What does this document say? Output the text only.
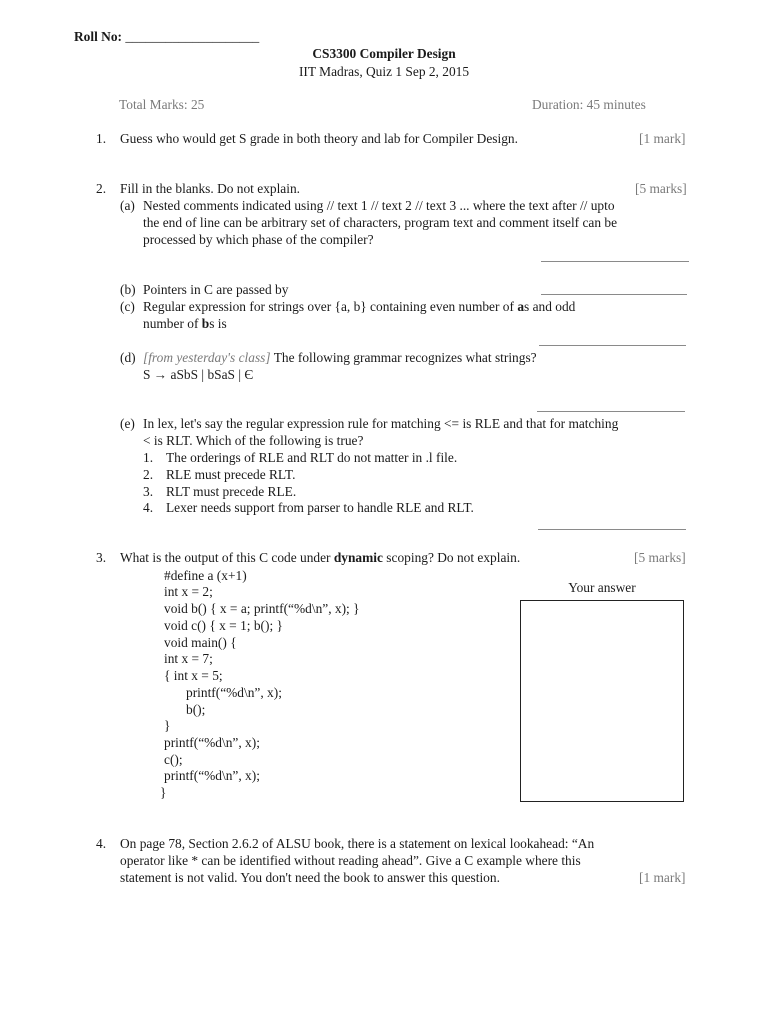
Roll No: ____________________
CS3300 Compiler Design
IIT Madras, Quiz 1 Sep 2, 2015
Total Marks: 25	Duration: 45 minutes
1. Guess who would get S grade in both theory and lab for Compiler Design.	[1 mark]
2. Fill in the blanks. Do not explain.	[5 marks]
(a) Nested comments indicated using // text 1 // text 2 // text 3 ... where the text after // upto
the end of line can be arbitrary set of characters, program text and comment itself can be
processed by which phase of the compiler?
(b) Pointers in C are passed by
(c) Regular expression for strings over {a, b} containing even number of as and odd
number of bs is
(d) [from yesterday's class] The following grammar recognizes what strings?
S → aSbS | bSaS | Є
(e) In lex, let's say the regular expression rule for matching <= is RLE and that for matching
< is RLT. Which of the following is true?
1. The orderings of RLE and RLT do not matter in .l file.
2. RLE must precede RLT.
3. RLT must precede RLE.
4. Lexer needs support from parser to handle RLE and RLT.
3. What is the output of this C code under dynamic scoping? Do not explain.	[5 marks]
#define a (x+1)
int x = 2;
void b() { x = a; printf(“%d\n”, x); }
void c() { x = 1; b(); }
void main() {
int x = 7;
{ int x = 5;
printf(“%d\n”, x);
b();
}
printf(“%d\n”, x);
c();
printf(“%d\n”, x);
}
Your answer
4. On page 78, Section 2.6.2 of ALSU book, there is a statement on lexical lookahead: “An
operator like * can be identified without reading ahead”. Give a C example where this
statement is not valid. You don't need the book to answer this question.	[1 mark]
